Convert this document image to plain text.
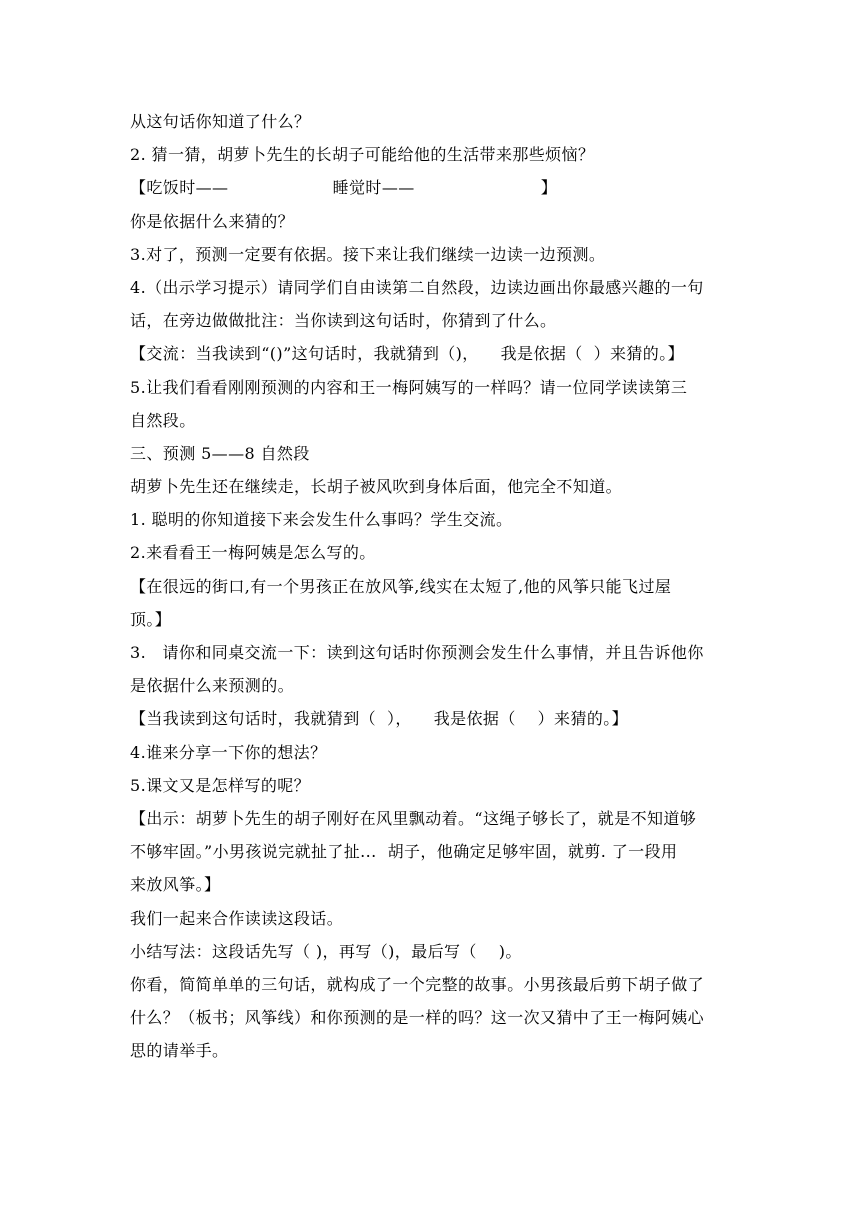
从这句话你知道了什么？
2. 猜一猜，胡萝卜先生的长胡子可能给他的生活带来那些烦恼？
【吃饭时——                   睡觉时——                       】
你是依据什么来猜的？
3.对了，预测一定要有依据。接下来让我们继续一边读一边预测。
4.（出示学习提示）请同学们自由读第二自然段，边读边画出你最感兴趣的一句
话，在旁边做做批注：当你读到这句话时，你猜到了什么。
【交流：当我读到“()”这句话时，我就猜到（)，    我是依据（  ）来猜的。】
5.让我们看看刚刚预测的内容和王一梅阿姨写的一样吗？请一位同学读读第三
自然段。
三、预测 5——8 自然段
胡萝卜先生还在继续走，长胡子被风吹到身体后面，他完全不知道。
1. 聪明的你知道接下来会发生什么事吗？学生交流。
2.来看看王一梅阿姨是怎么写的。
【在很远的街口,有一个男孩正在放风筝,线实在太短了,他的风筝只能飞过屋
顶。】
3.   请你和同桌交流一下：读到这句话时你预测会发生什么事情，并且告诉他你
是依据什么来预测的。
【当我读到这句话时，我就猜到（  ），    我是依据（    ）来猜的。】
4.谁来分享一下你的想法？
5.课文又是怎样写的呢？
【出示：胡萝卜先生的胡子刚好在风里飘动着。“这绳子够长了，就是不知道够
不够牢固。”小男孩说完就扯了扯...  胡子，他确定足够牢固，就剪. 了一段用
来放风筝。】
我们一起来合作读读这段话。
小结写法：这段话先写（ )，再写（)，最后写（    )。
你看，简简单单的三句话，就构成了一个完整的故事。小男孩最后剪下胡子做了
什么？（板书；风筝线）和你预测的是一样的吗？这一次又猜中了王一梅阿姨心
思的请举手。
